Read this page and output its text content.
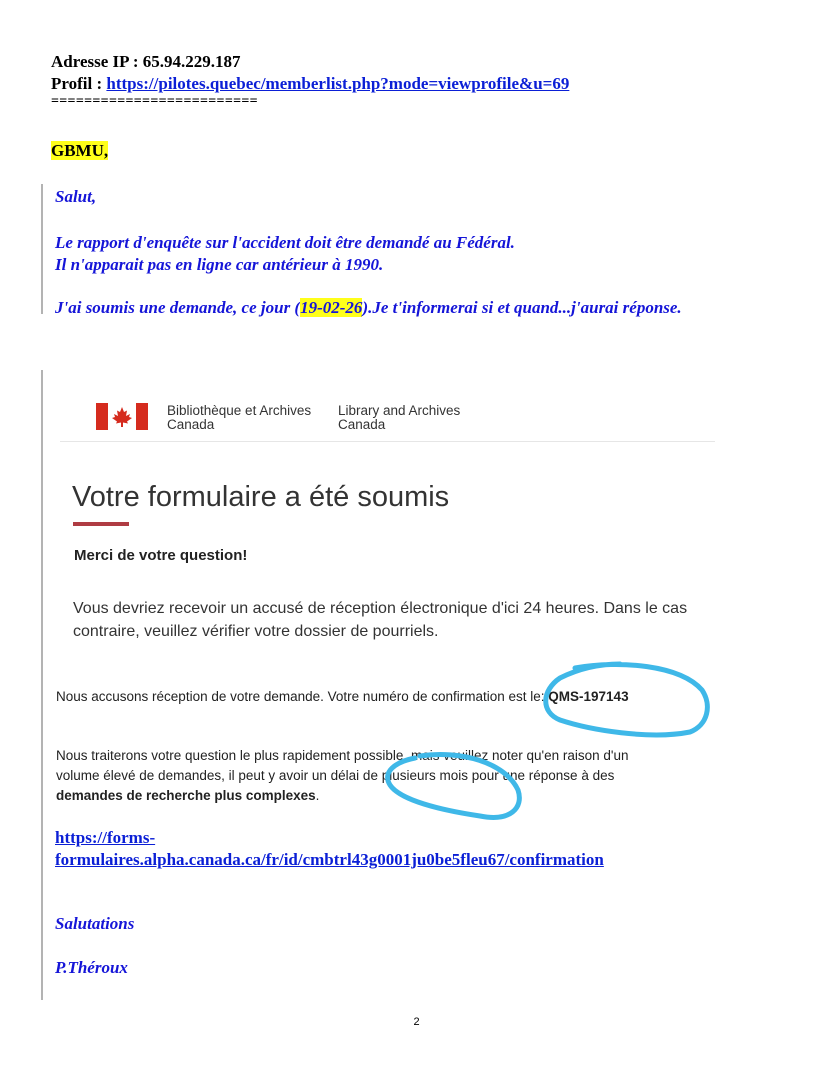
Adresse IP : 65.94.229.187
Profil : https://pilotes.quebec/memberlist.php?mode=viewprofile&u=69
=========================
GBMU,
Salut,
Le rapport d'enquête sur l'accident doit être demandé au Fédéral.
Il n'apparait pas en ligne car antérieur à 1990.
J'ai soumis une demande, ce jour (19-02-26).Je t'informerai si et quand...j'aurai réponse.
Bibliothèque et Archives
Canada
Library and Archives
Canada
Votre formulaire a été soumis
Merci de votre question!
Vous devriez recevoir un accusé de réception électronique d'ici 24 heures. Dans le cas
contraire, veuillez vérifier votre dossier de pourriels.
Nous accusons réception de votre demande. Votre numéro de confirmation est le: QMS-197143
Nous traiterons votre question le plus rapidement possible, mais veuillez noter qu'en raison d'un
volume élevé de demandes, il peut y avoir un délai de plusieurs mois pour une réponse à des
demandes de recherche plus complexes.
https://forms-
formulaires.alpha.canada.ca/fr/id/cmbtrl43g0001ju0be5fleu67/confirmation
Salutations
P.Théroux
2
